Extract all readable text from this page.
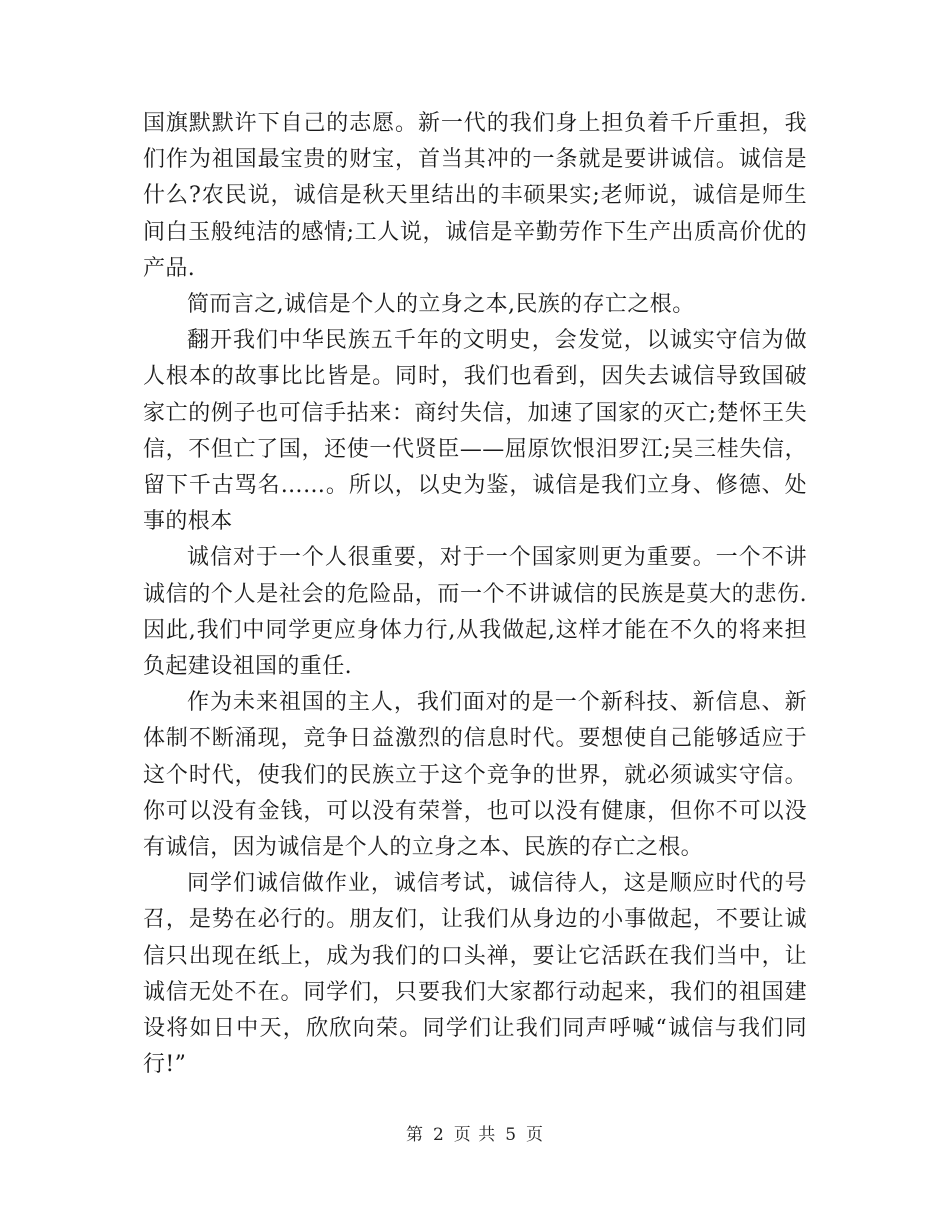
国旗默默许下自己的志愿。新一代的我们身上担负着千斤重担，我们作为祖国最宝贵的财宝，首当其冲的一条就是要讲诚信。诚信是什么?农民说，诚信是秋天里结出的丰硕果实;老师说，诚信是师生间白玉般纯洁的感情;工人说，诚信是辛勤劳作下生产出质高价优的产品.

简而言之,诚信是个人的立身之本,民族的存亡之根。

翻开我们中华民族五千年的文明史，会发觉，以诚实守信为做人根本的故事比比皆是。同时，我们也看到，因失去诚信导致国破家亡的例子也可信手拈来：商纣失信，加速了国家的灭亡;楚怀王失信，不但亡了国，还使一代贤臣——屈原饮恨汨罗江;吴三桂失信，留下千古骂名……。所以，以史为鉴，诚信是我们立身、修德、处事的根本

诚信对于一个人很重要，对于一个国家则更为重要。一个不讲诚信的个人是社会的危险品，而一个不讲诚信的民族是莫大的悲伤. 因此,我们中同学更应身体力行,从我做起,这样才能在不久的将来担负起建设祖国的重任.

作为未来祖国的主人，我们面对的是一个新科技、新信息、新体制不断涌现，竞争日益激烈的信息时代。要想使自己能够适应于这个时代，使我们的民族立于这个竞争的世界，就必须诚实守信。你可以没有金钱，可以没有荣誉，也可以没有健康，但你不可以没有诚信，因为诚信是个人的立身之本、民族的存亡之根。

同学们诚信做作业，诚信考试，诚信待人，这是顺应时代的号召，是势在必行的。朋友们，让我们从身边的小事做起，不要让诚信只出现在纸上，成为我们的口头禅，要让它活跃在我们当中，让诚信无处不在。同学们，只要我们大家都行动起来，我们的祖国建设将如日中天，欣欣向荣。同学们让我们同声呼喊“诚信与我们同行!”

第 2 页 共 5 页
